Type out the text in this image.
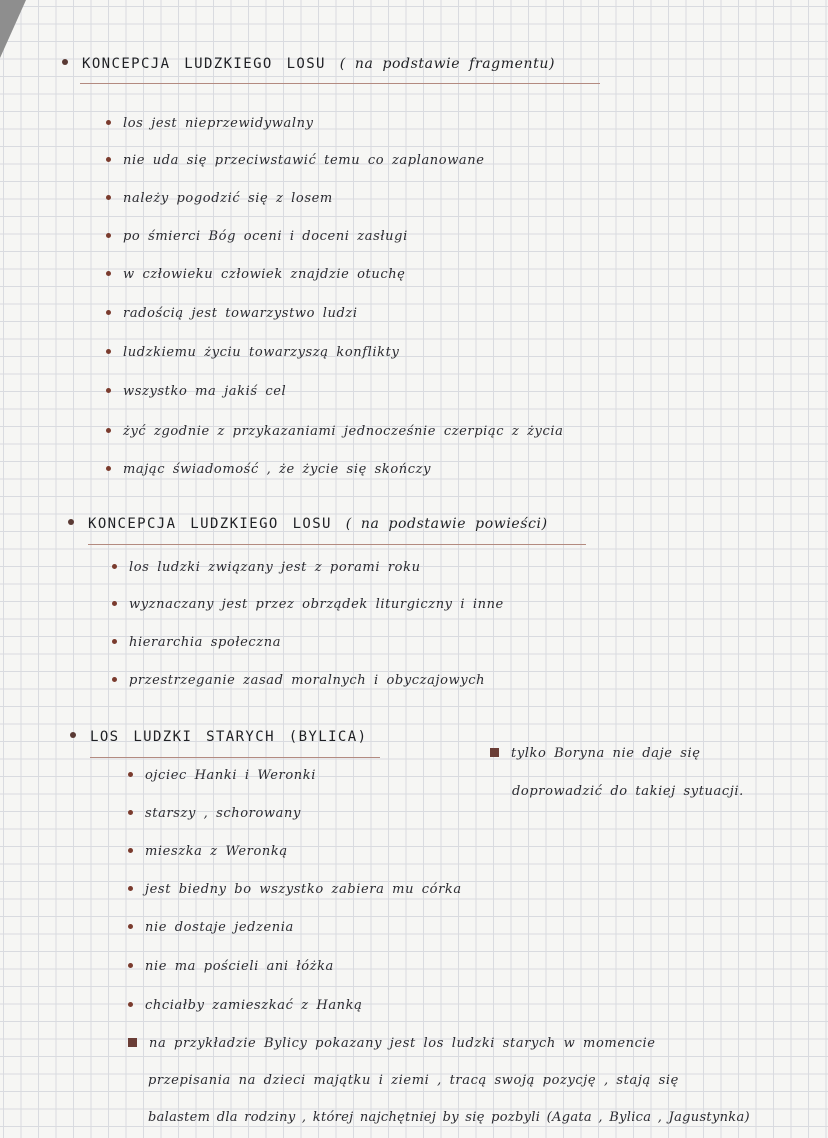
KONCEPCJA LUDZKIEGO LOSU ( na podstawie fragmentu)
los jest nieprzewidywalny
nie uda się przeciwstawić temu co zaplanowane
należy pogodzić się z losem
po śmierci Bóg oceni i doceni zasługi
w człowieku człowiek znajdzie otuchę
radością jest towarzystwo ludzi
ludzkiemu życiu towarzyszą konflikty
wszystko ma jakiś cel
żyć zgodnie z przykazaniami jednocześnie czerpiąc z życia
mając świadomość , że życie się skończy
KONCEPCJA LUDZKIEGO LOSU ( na podstawie powieści)
los ludzki związany jest z porami roku
wyznaczany jest przez obrządek liturgiczny i inne
hierarchia społeczna
przestrzeganie zasad moralnych i obyczajowych
LOS LUDZKI STARYCH (BYLICA)
ojciec Hanki i Weronki
starszy , schorowany
mieszka z Weronką
jest biedny bo wszystko zabiera mu córka
nie dostaje jedzenia
nie ma pościeli ani łóżka
chciałby zamieszkać z Hanką
tylko Boryna nie daje się
doprowadzić do takiej sytuacji.
na przykładzie Bylicy pokazany jest los ludzki starych w momencie
przepisania na dzieci majątku i ziemi , tracą swoją pozycję , stają się
balastem dla rodziny , której najchętniej by się pozbyli (Agata , Bylica , Jagustynka)
